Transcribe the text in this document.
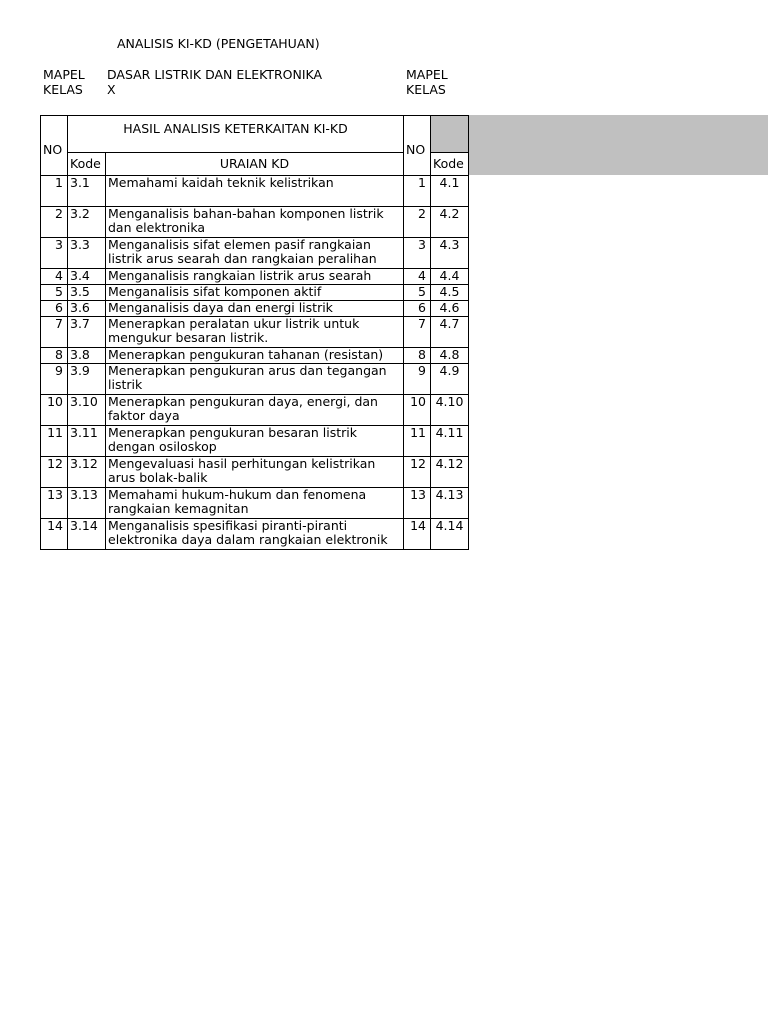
ANALISIS KI-KD (PENGETAHUAN)
MAPEL DASAR LISTRIK DAN ELEKTRONIKA	MAPEL
KELAS X	KELAS
NO	HASIL ANALISIS KETERKAITAN KI-KD		NO	
	Kode	URAIAN KD		Kode
1	3.1	Memahami kaidah teknik kelistrikan	1	4.1
2	3.2	Menganalisis bahan-bahan komponen listrik dan elektronika	2	4.2
3	3.3	Menganalisis sifat elemen pasif rangkaian listrik arus searah dan rangkaian peralihan	3	4.3
4	3.4	Menganalisis rangkaian listrik arus searah	4	4.4
5	3.5	Menganalisis sifat komponen aktif	5	4.5
6	3.6	Menganalisis daya dan energi listrik	6	4.6
7	3.7	Menerapkan peralatan ukur listrik untuk mengukur besaran listrik.	7	4.7
8	3.8	Menerapkan pengukuran tahanan (resistan)	8	4.8
9	3.9	Menerapkan pengukuran arus dan tegangan listrik	9	4.9
10	3.10	Menerapkan pengukuran daya, energi, dan faktor daya	10	4.10
11	3.11	Menerapkan pengukuran besaran listrik dengan osiloskop	11	4.11
12	3.12	Mengevaluasi hasil perhitungan kelistrikan arus bolak-balik	12	4.12
13	3.13	Memahami hukum-hukum dan fenomena rangkaian kemagnitan	13	4.13
14	3.14	Menganalisis spesifikasi piranti-piranti elektronika daya dalam rangkaian elektronik	14	4.14
